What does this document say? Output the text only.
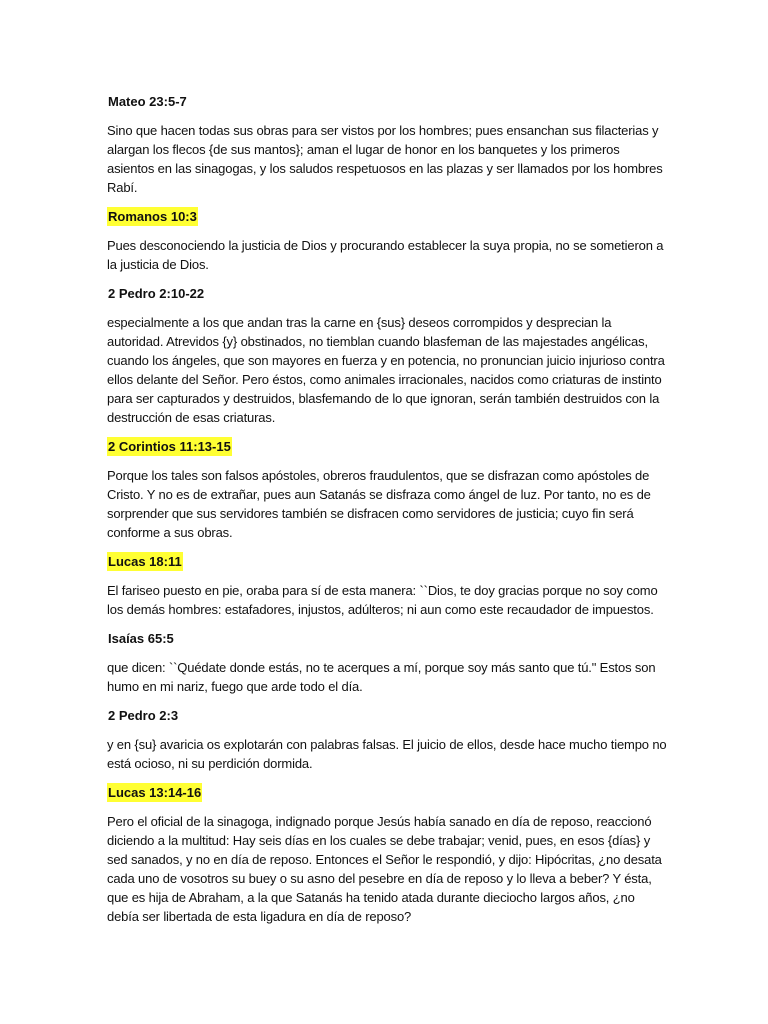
Mateo 23:5-7

Sino que hacen todas sus obras para ser vistos por los hombres; pues ensanchan sus filacterias y alargan los flecos {de sus mantos}; aman el lugar de honor en los banquetes y los primeros asientos en las sinagogas, y los saludos respetuosos en las plazas y ser llamados por los hombres Rabí.

Romanos 10:3

Pues desconociendo la justicia de Dios y procurando establecer la suya propia, no se sometieron a la justicia de Dios.

2 Pedro 2:10-22

especialmente a los que andan tras la carne en {sus} deseos corrompidos y desprecian la autoridad. Atrevidos {y} obstinados, no tiemblan cuando blasfeman de las majestades angélicas, cuando los ángeles, que son mayores en fuerza y en potencia, no pronuncian juicio injurioso contra ellos delante del Señor. Pero éstos, como animales irracionales, nacidos como criaturas de instinto para ser capturados y destruidos, blasfemando de lo que ignoran, serán también destruidos con la destrucción de esas criaturas.

2 Corintios 11:13-15

Porque los tales son falsos apóstoles, obreros fraudulentos, que se disfrazan como apóstoles de Cristo. Y no es de extrañar, pues aun Satanás se disfraza como ángel de luz. Por tanto, no es de sorprender que sus servidores también se disfracen como servidores de justicia; cuyo fin será conforme a sus obras.

Lucas 18:11

El fariseo puesto en pie, oraba para sí de esta manera: ``Dios, te doy gracias porque no soy como los demás hombres: estafadores, injustos, adúlteros; ni aun como este recaudador de impuestos.

Isaías 65:5

que dicen: ``Quédate donde estás, no te acerques a mí, porque soy más santo que tú." Estos son humo en mi nariz, fuego que arde todo el día.

2 Pedro 2:3

y en {su} avaricia os explotarán con palabras falsas. El juicio de ellos, desde hace mucho tiempo no está ocioso, ni su perdición dormida.

Lucas 13:14-16

Pero el oficial de la sinagoga, indignado porque Jesús había sanado en día de reposo, reaccionó diciendo a la multitud: Hay seis días en los cuales se debe trabajar; venid, pues, en esos {días} y sed sanados, y no en día de reposo. Entonces el Señor le respondió, y dijo: Hipócritas, ¿no desata cada uno de vosotros su buey o su asno del pesebre en día de reposo y lo lleva a beber? Y ésta, que es hija de Abraham, a la que Satanás ha tenido atada durante dieciocho largos años, ¿no debía ser libertada de esta ligadura en día de reposo?
